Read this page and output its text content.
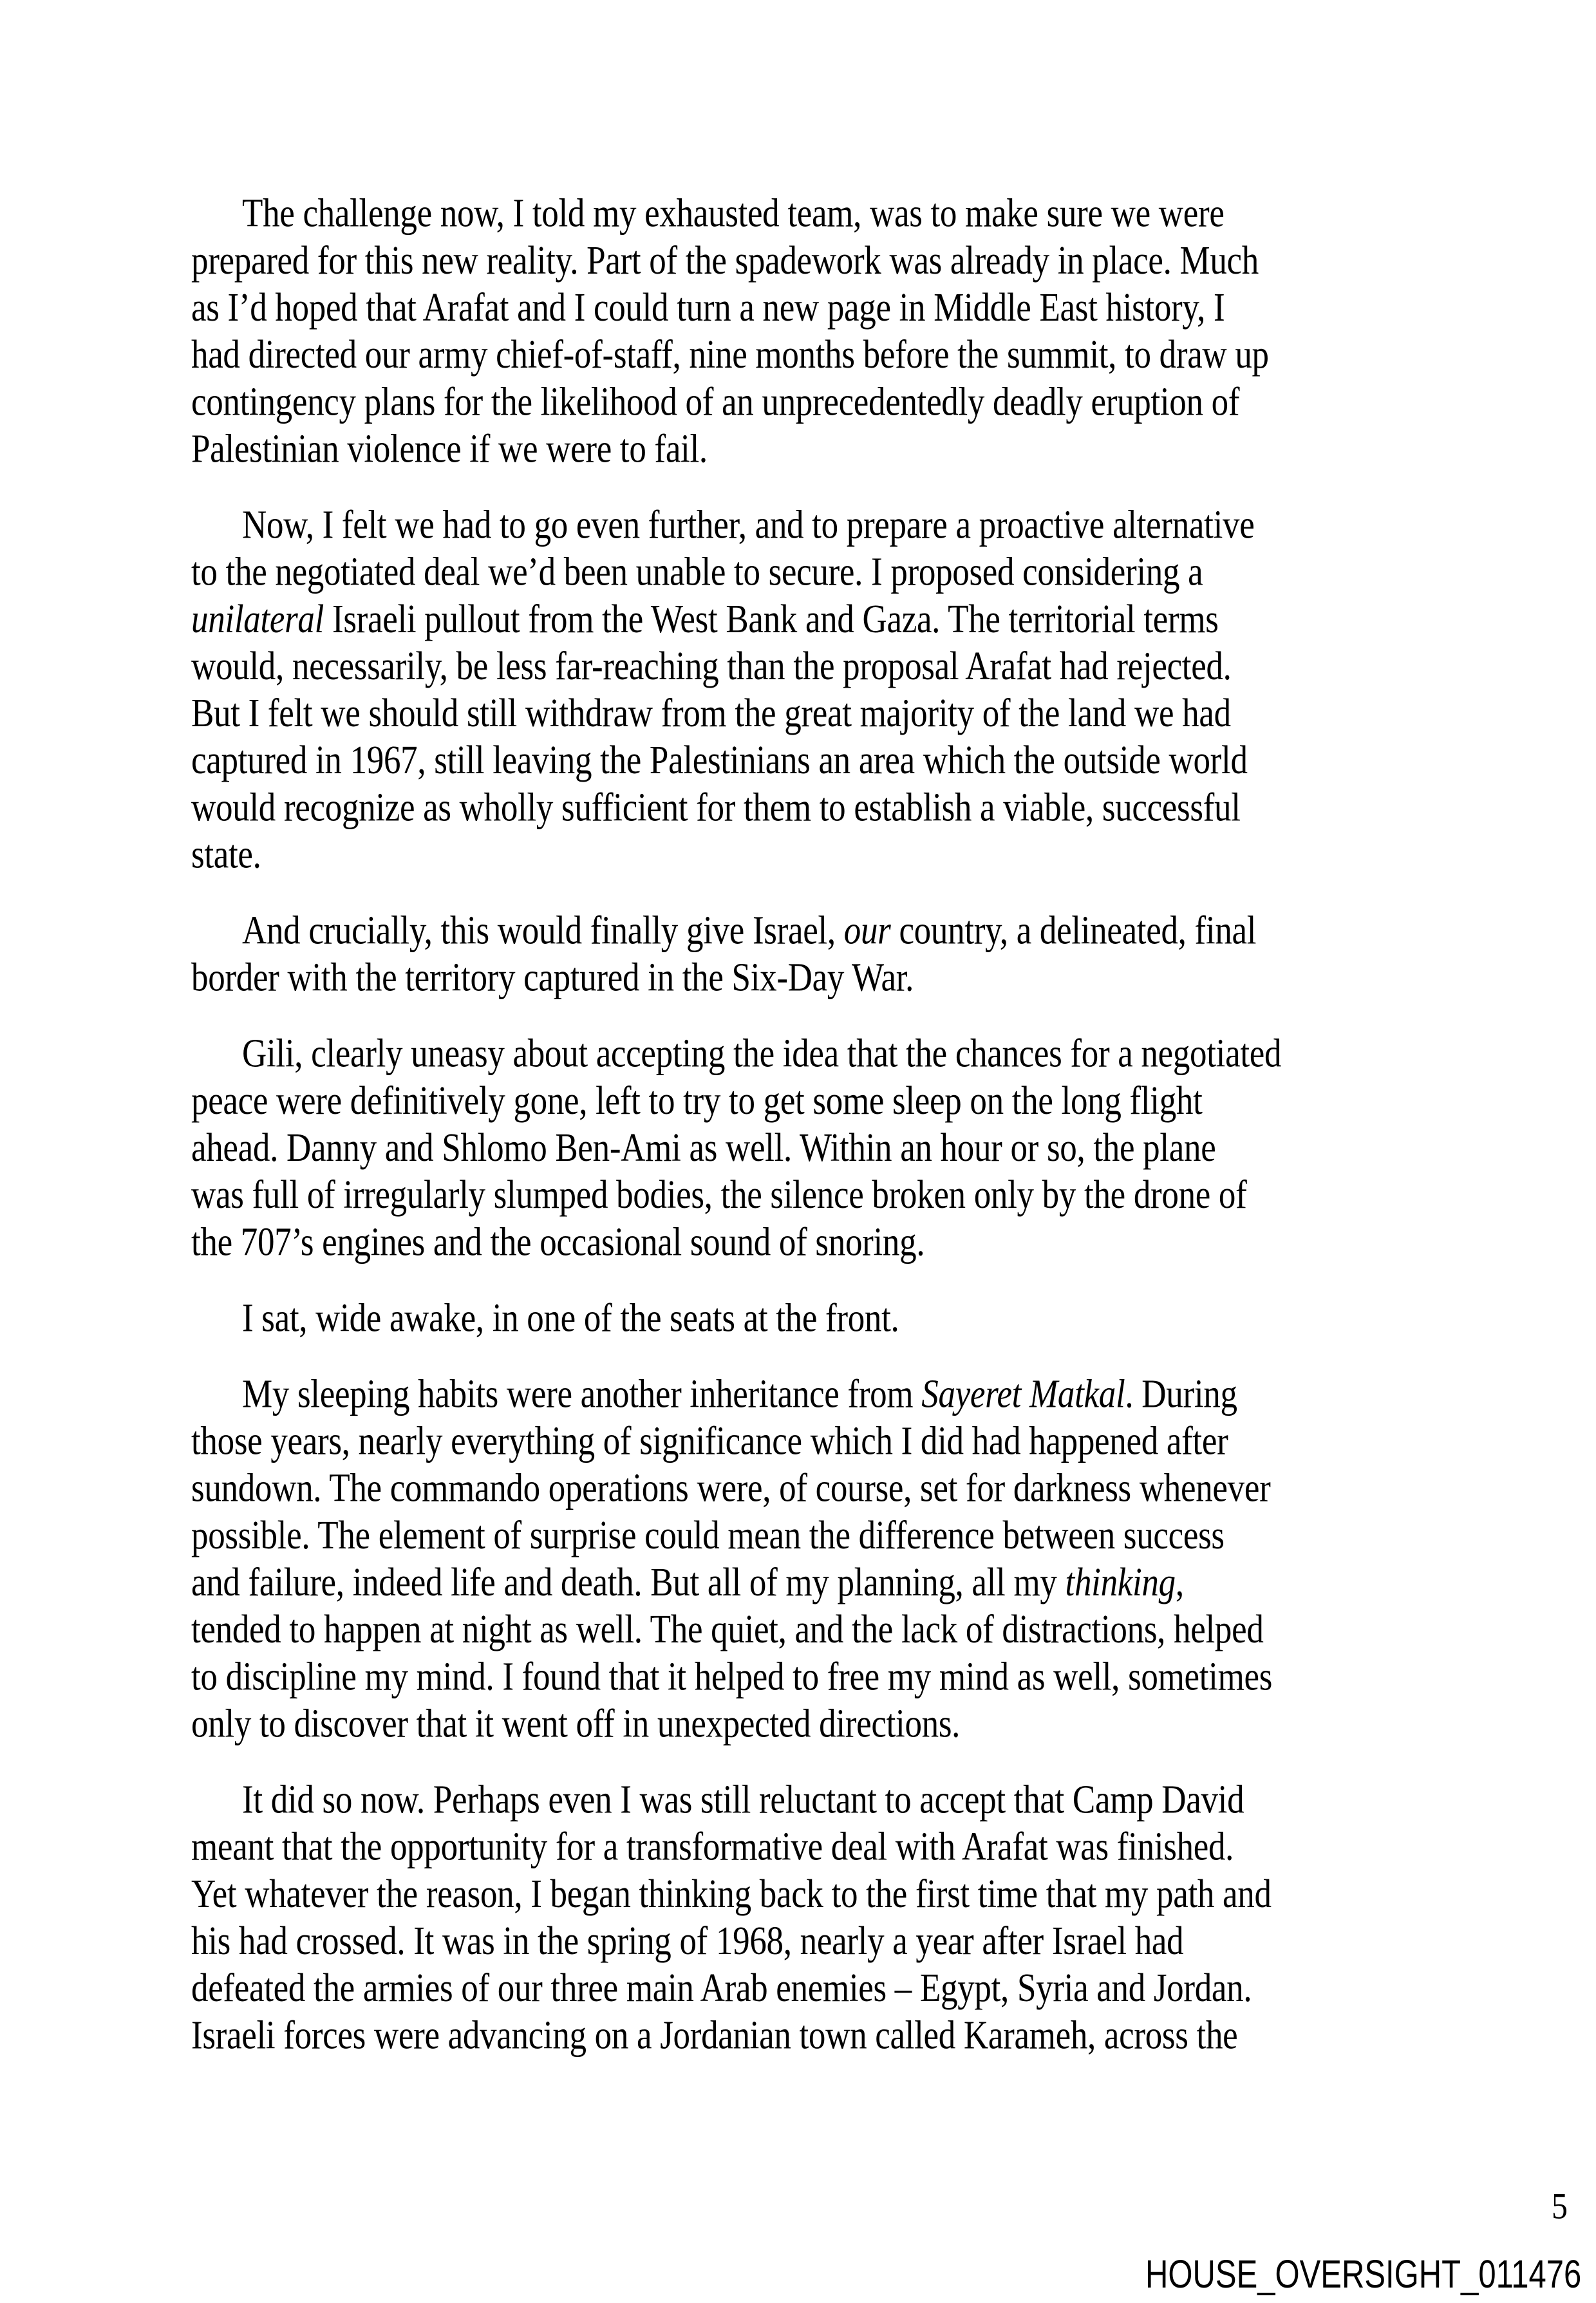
The challenge now, I told my exhausted team, was to make sure we were
prepared for this new reality. Part of the spadework was already in place. Much
as I’d hoped that Arafat and I could turn a new page in Middle East history, I
had directed our army chief-of-staff, nine months before the summit, to draw up
contingency plans for the likelihood of an unprecedentedly deadly eruption of
Palestinian violence if we were to fail.

Now, I felt we had to go even further, and to prepare a proactive alternative
to the negotiated deal we’d been unable to secure. I proposed considering a
unilateral Israeli pullout from the West Bank and Gaza. The territorial terms
would, necessarily, be less far-reaching than the proposal Arafat had rejected.
But I felt we should still withdraw from the great majority of the land we had
captured in 1967, still leaving the Palestinians an area which the outside world
would recognize as wholly sufficient for them to establish a viable, successful
state.

And crucially, this would finally give Israel, our country, a delineated, final
border with the territory captured in the Six-Day War.

Gili, clearly uneasy about accepting the idea that the chances for a negotiated
peace were definitively gone, left to try to get some sleep on the long flight
ahead. Danny and Shlomo Ben-Ami as well. Within an hour or so, the plane
was full of irregularly slumped bodies, the silence broken only by the drone of
the 707’s engines and the occasional sound of snoring.

I sat, wide awake, in one of the seats at the front.

My sleeping habits were another inheritance from Sayeret Matkal. During
those years, nearly everything of significance which I did had happened after
sundown. The commando operations were, of course, set for darkness whenever
possible. The element of surprise could mean the difference between success
and failure, indeed life and death. But all of my planning, all my thinking,
tended to happen at night as well. The quiet, and the lack of distractions, helped
to discipline my mind. I found that it helped to free my mind as well, sometimes
only to discover that it went off in unexpected directions.

It did so now. Perhaps even I was still reluctant to accept that Camp David
meant that the opportunity for a transformative deal with Arafat was finished.
Yet whatever the reason, I began thinking back to the first time that my path and
his had crossed. It was in the spring of 1968, nearly a year after Israel had
defeated the armies of our three main Arab enemies – Egypt, Syria and Jordan.
Israeli forces were advancing on a Jordanian town called Karameh, across the

5
HOUSE_OVERSIGHT_011476
